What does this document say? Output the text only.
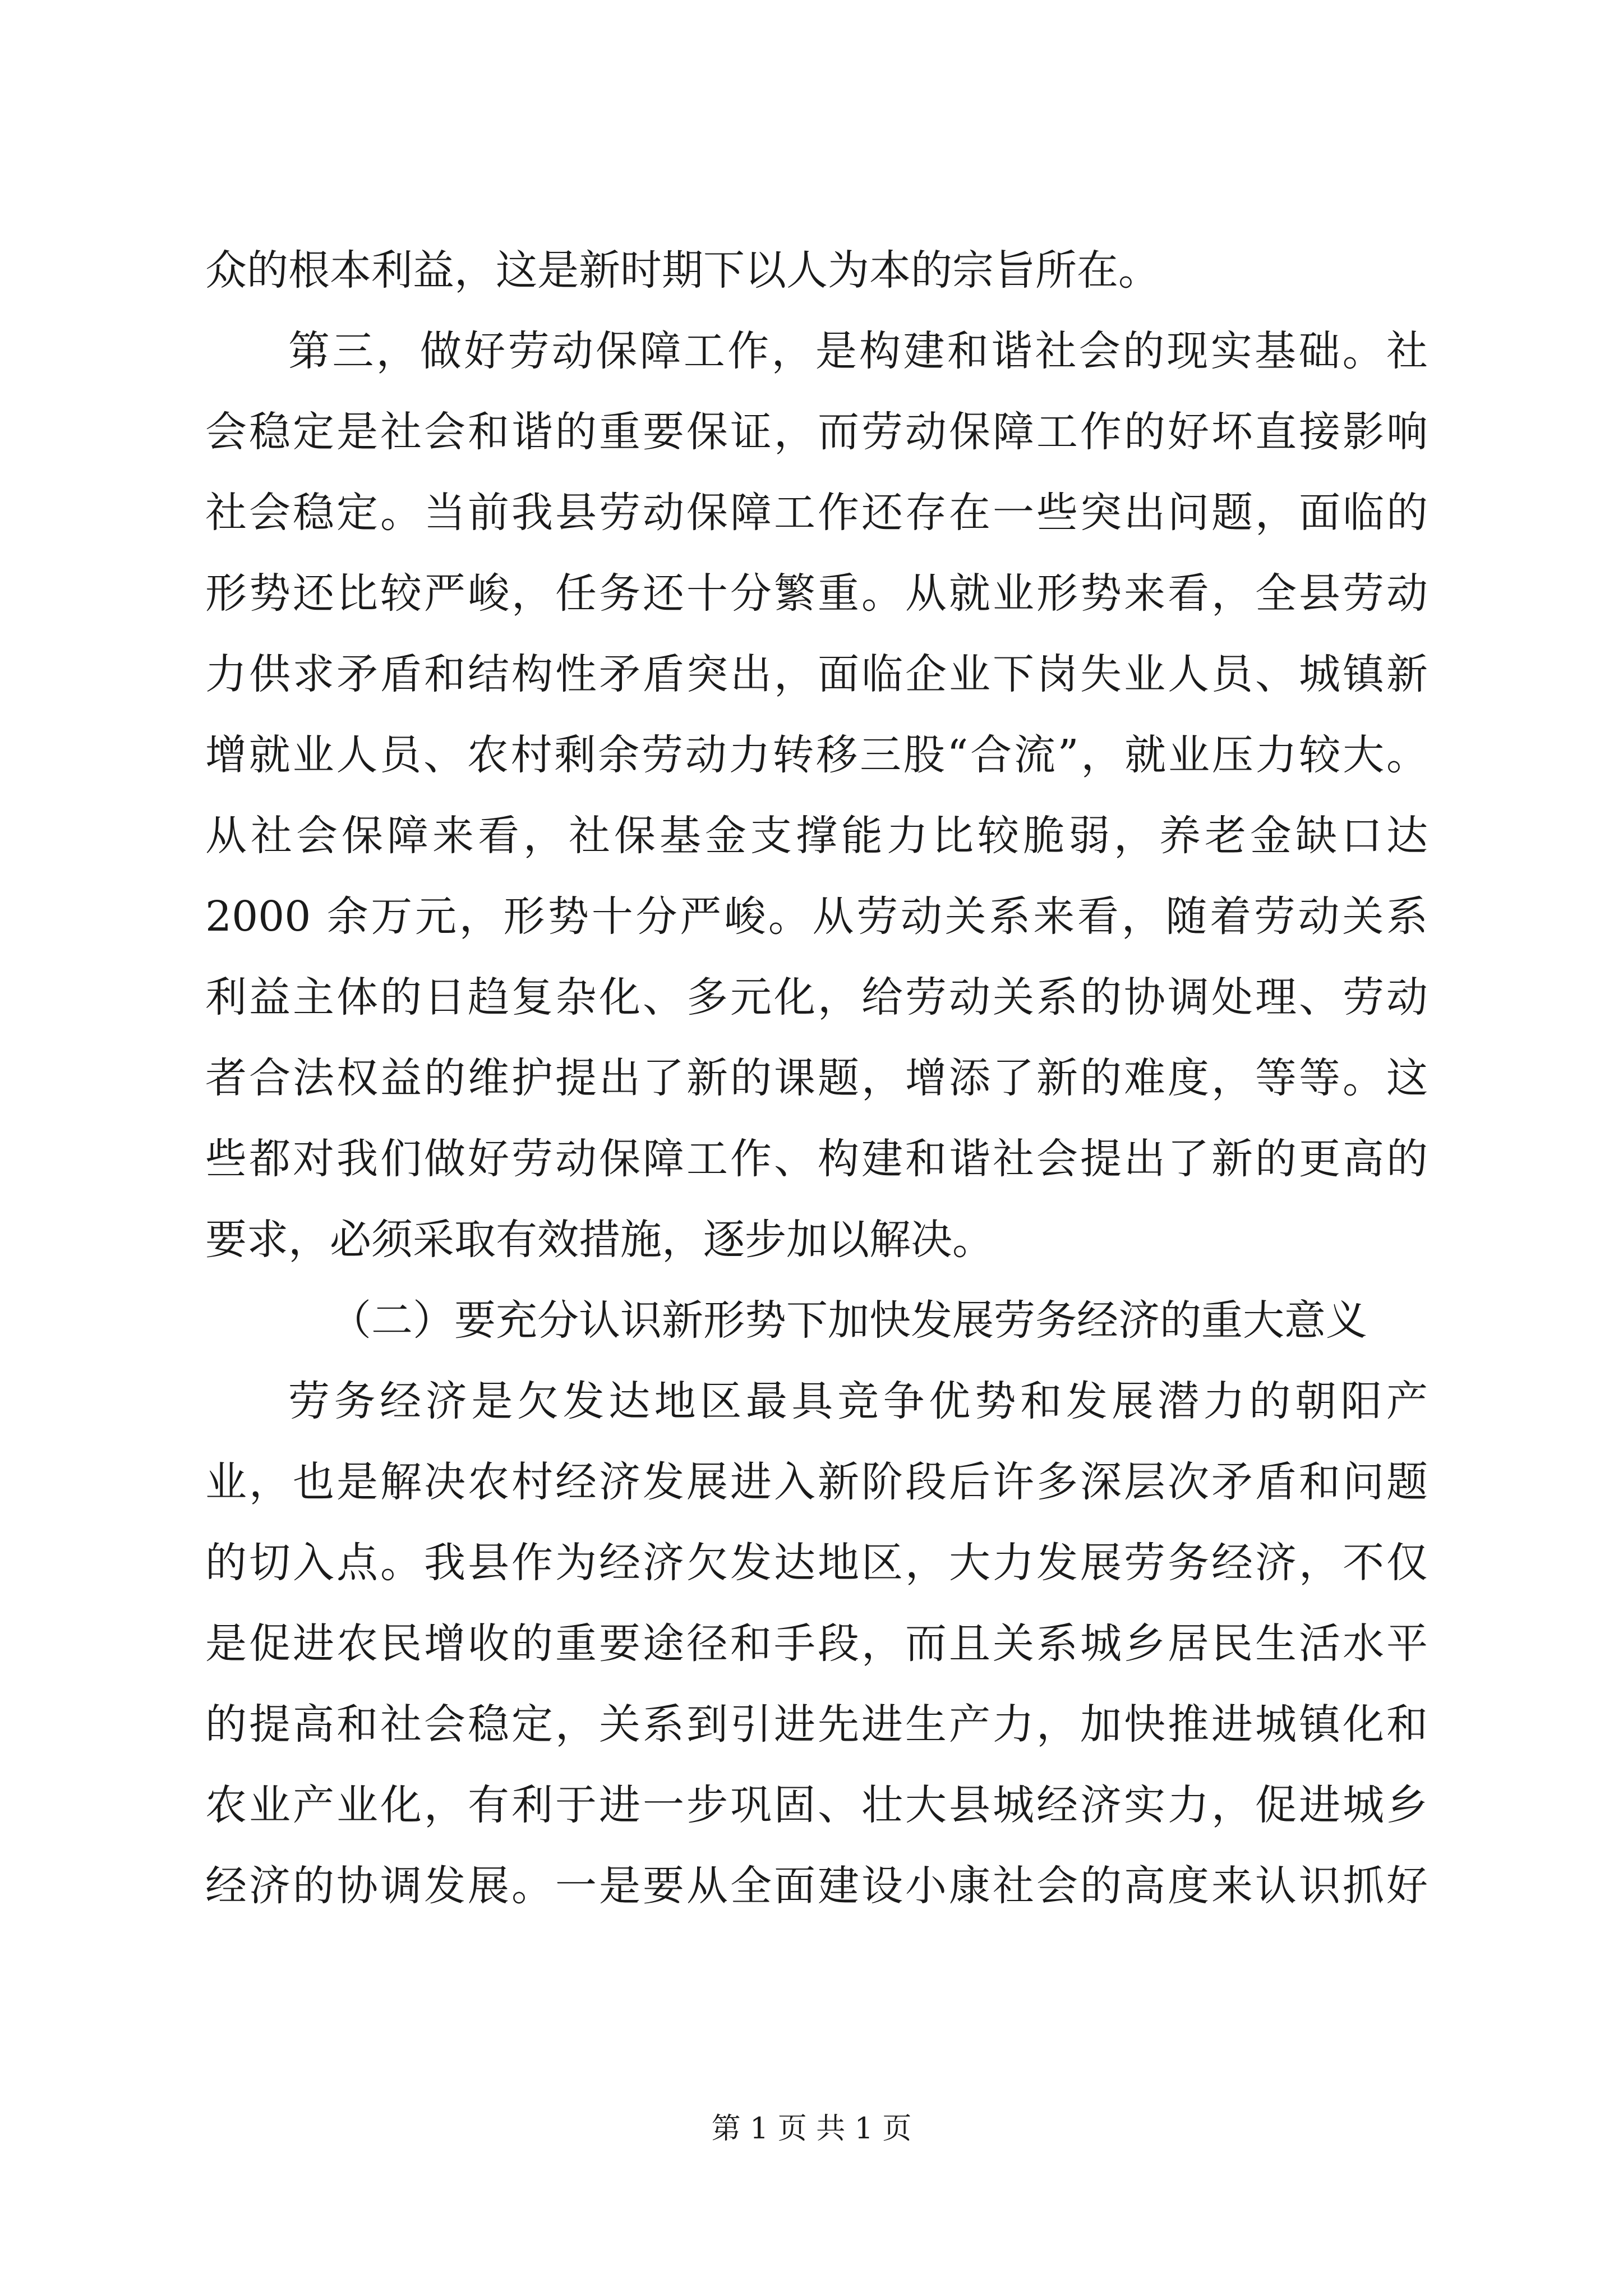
众的根本利益，这是新时期下以人为本的宗旨所在。
第三，做好劳动保障工作，是构建和谐社会的现实基础。社
会稳定是社会和谐的重要保证，而劳动保障工作的好坏直接影响
社会稳定。当前我县劳动保障工作还存在一些突出问题，面临的
形势还比较严峻，任务还十分繁重。从就业形势来看，全县劳动
力供求矛盾和结构性矛盾突出，面临企业下岗失业人员、城镇新
增就业人员、农村剩余劳动力转移三股“合流”，就业压力较大。
从社会保障来看，社保基金支撑能力比较脆弱，养老金缺口达
2000 余万元，形势十分严峻。从劳动关系来看，随着劳动关系
利益主体的日趋复杂化、多元化，给劳动关系的协调处理、劳动
者合法权益的维护提出了新的课题，增添了新的难度，等等。这
些都对我们做好劳动保障工作、构建和谐社会提出了新的更高的
要求，必须采取有效措施，逐步加以解决。
（二）要充分认识新形势下加快发展劳务经济的重大意义
劳务经济是欠发达地区最具竞争优势和发展潜力的朝阳产
业，也是解决农村经济发展进入新阶段后许多深层次矛盾和问题
的切入点。我县作为经济欠发达地区，大力发展劳务经济，不仅
是促进农民增收的重要途径和手段，而且关系城乡居民生活水平
的提高和社会稳定，关系到引进先进生产力，加快推进城镇化和
农业产业化，有利于进一步巩固、壮大县城经济实力，促进城乡
经济的协调发展。一是要从全面建设小康社会的高度来认识抓好
第 1 页 共 1 页
